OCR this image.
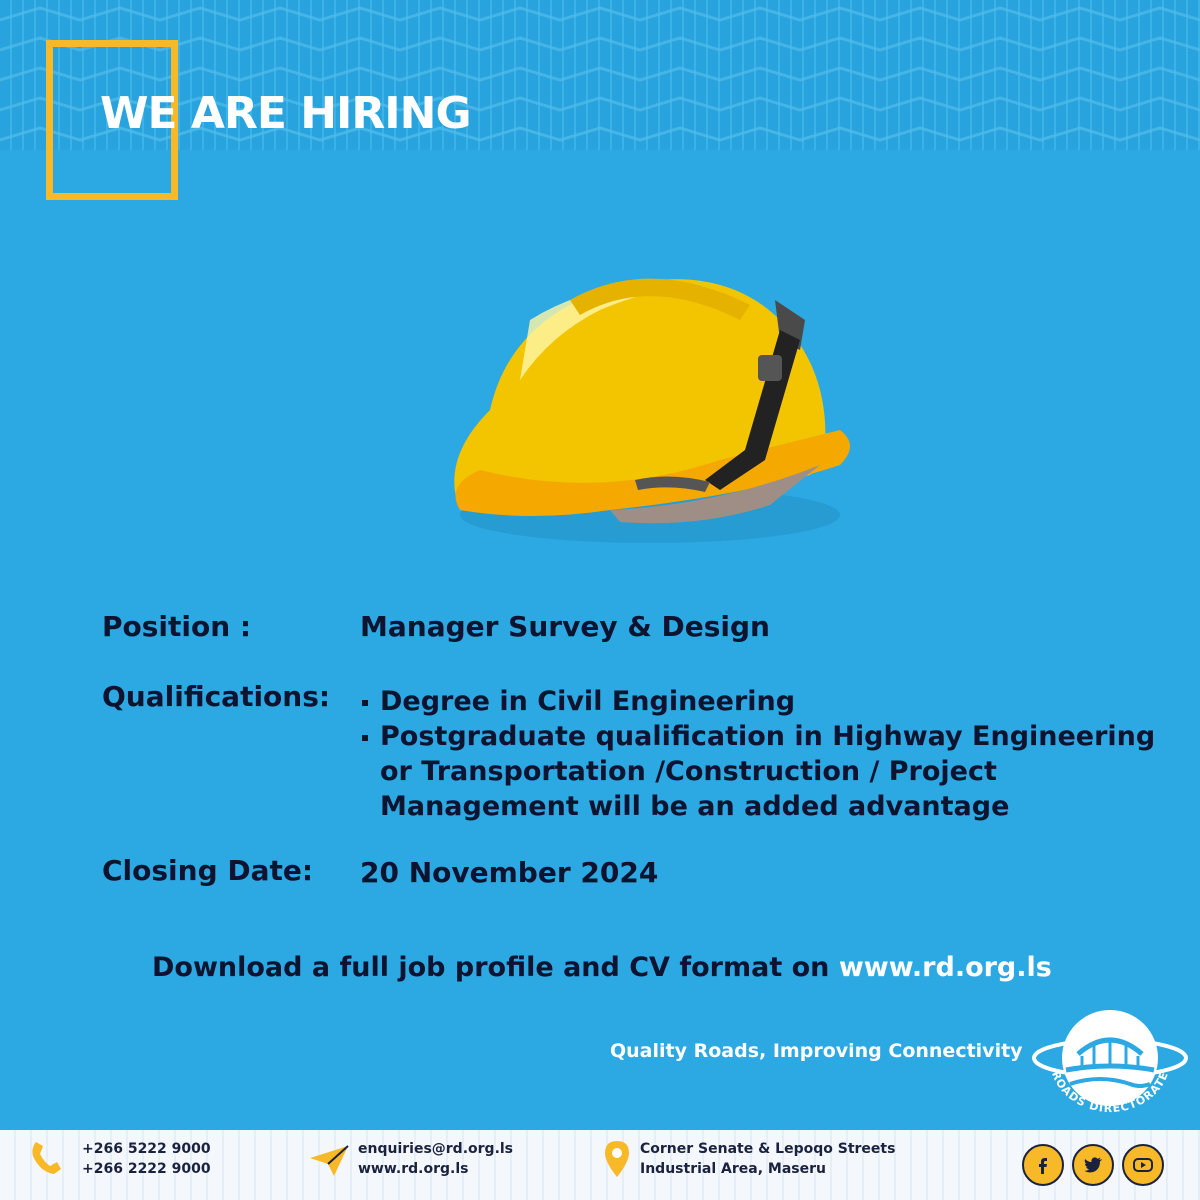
WE ARE HIRING
Position :	Manager Survey & Design
Qualifications:	Degree in Civil Engineering
Postgraduate qualification in Highway Engineering or Transportation /Construction / Project Management will be an added advantage
Closing Date: 20 November 2024
Download a full job profile and CV format on www.rd.org.ls
Quality Roads, Improving Connectivity
ROADS DIRECTORATE
+266 5222 9000
+266 2222 9000
enquiries@rd.org.ls
www.rd.org.ls
Corner Senate & Lepoqo Streets
Industrial Area, Maseru
